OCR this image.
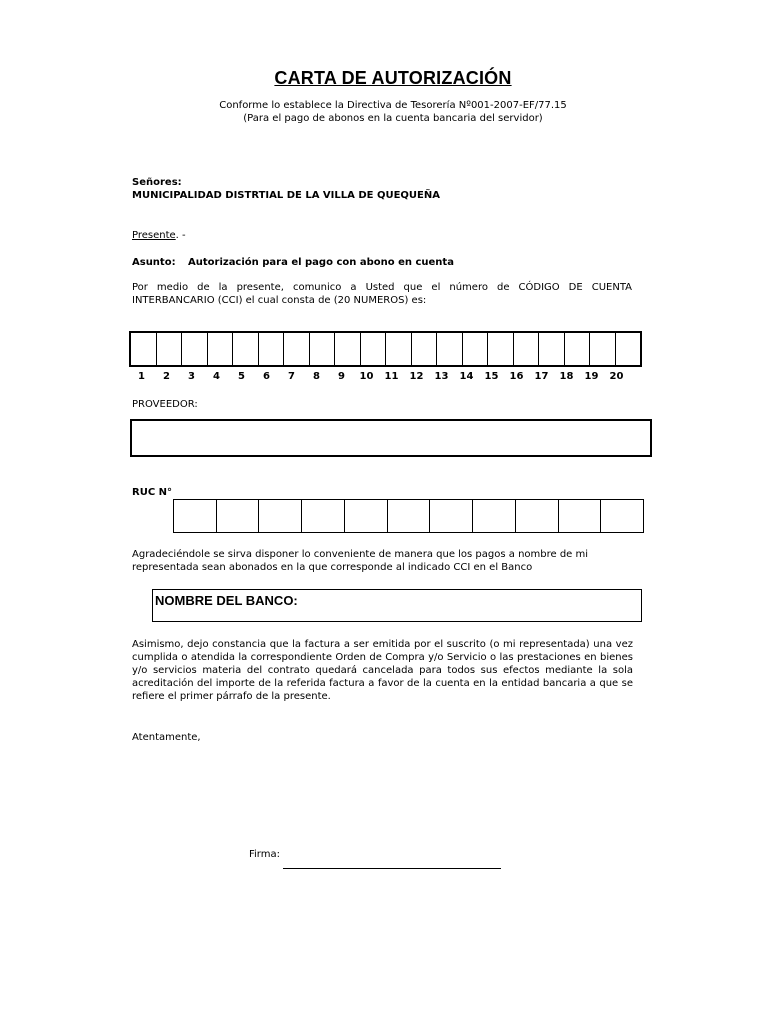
CARTA DE AUTORIZACIÓN
Conforme lo establece la Directiva de Tesorería Nº001-2007-EF/77.15
(Para el pago de abonos en la cuenta bancaria del servidor)
Señores:
MUNICIPALIDAD DISTRTIAL DE LA VILLA DE QUEQUEÑA
Presente. -
Asunto: Autorización para el pago con abono en cuenta
Por medio de la presente, comunico a Usted que el número de CÓDIGO DE CUENTA INTERBANCARIO (CCI) el cual consta de (20 NUMEROS) es:
1	2	3	4	5	6	7	8	9	10	11	12	13	14	15	16	17	18	19	20
PROVEEDOR:
RUC N°
Agradeciéndole se sirva disponer lo conveniente de manera que los pagos a nombre de mi representada sean abonados en la que corresponde al indicado CCI en el Banco
NOMBRE DEL BANCO:
Asimismo, dejo constancia que la factura a ser emitida por el suscrito (o mi representada) una vez cumplida o atendida la correspondiente Orden de Compra y/o Servicio o las prestaciones en bienes y/o servicios materia del contrato quedará cancelada para todos sus efectos mediante la sola acreditación del importe de la referida factura a favor de la cuenta en la entidad bancaria a que se refiere el primer párrafo de la presente.
Atentamente,
Firma:
